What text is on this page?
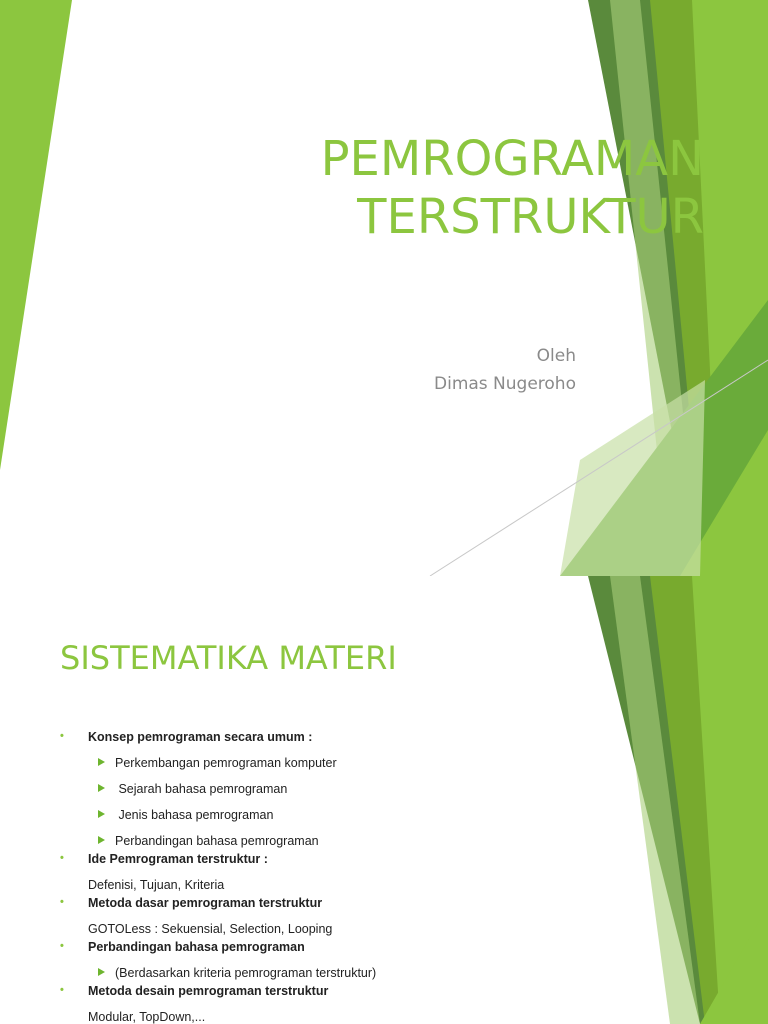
PEMROGRAMAN
TERSTRUKTUR
Oleh
Dimas Nugeroho
SISTEMATIKA MATERI
• Konsep pemrograman secara umum :
Perkembangan pemrograman komputer
Sejarah bahasa pemrograman
Jenis bahasa pemrograman
Perbandingan bahasa pemrograman
• Ide Pemrograman terstruktur :
Defenisi, Tujuan, Kriteria
• Metoda dasar pemrograman terstruktur
GOTOLess : Sekuensial, Selection, Looping
• Perbandingan bahasa pemrograman
(Berdasarkan kriteria pemrograman terstruktur)
• Metoda desain pemrograman terstruktur
Modular, TopDown,...
